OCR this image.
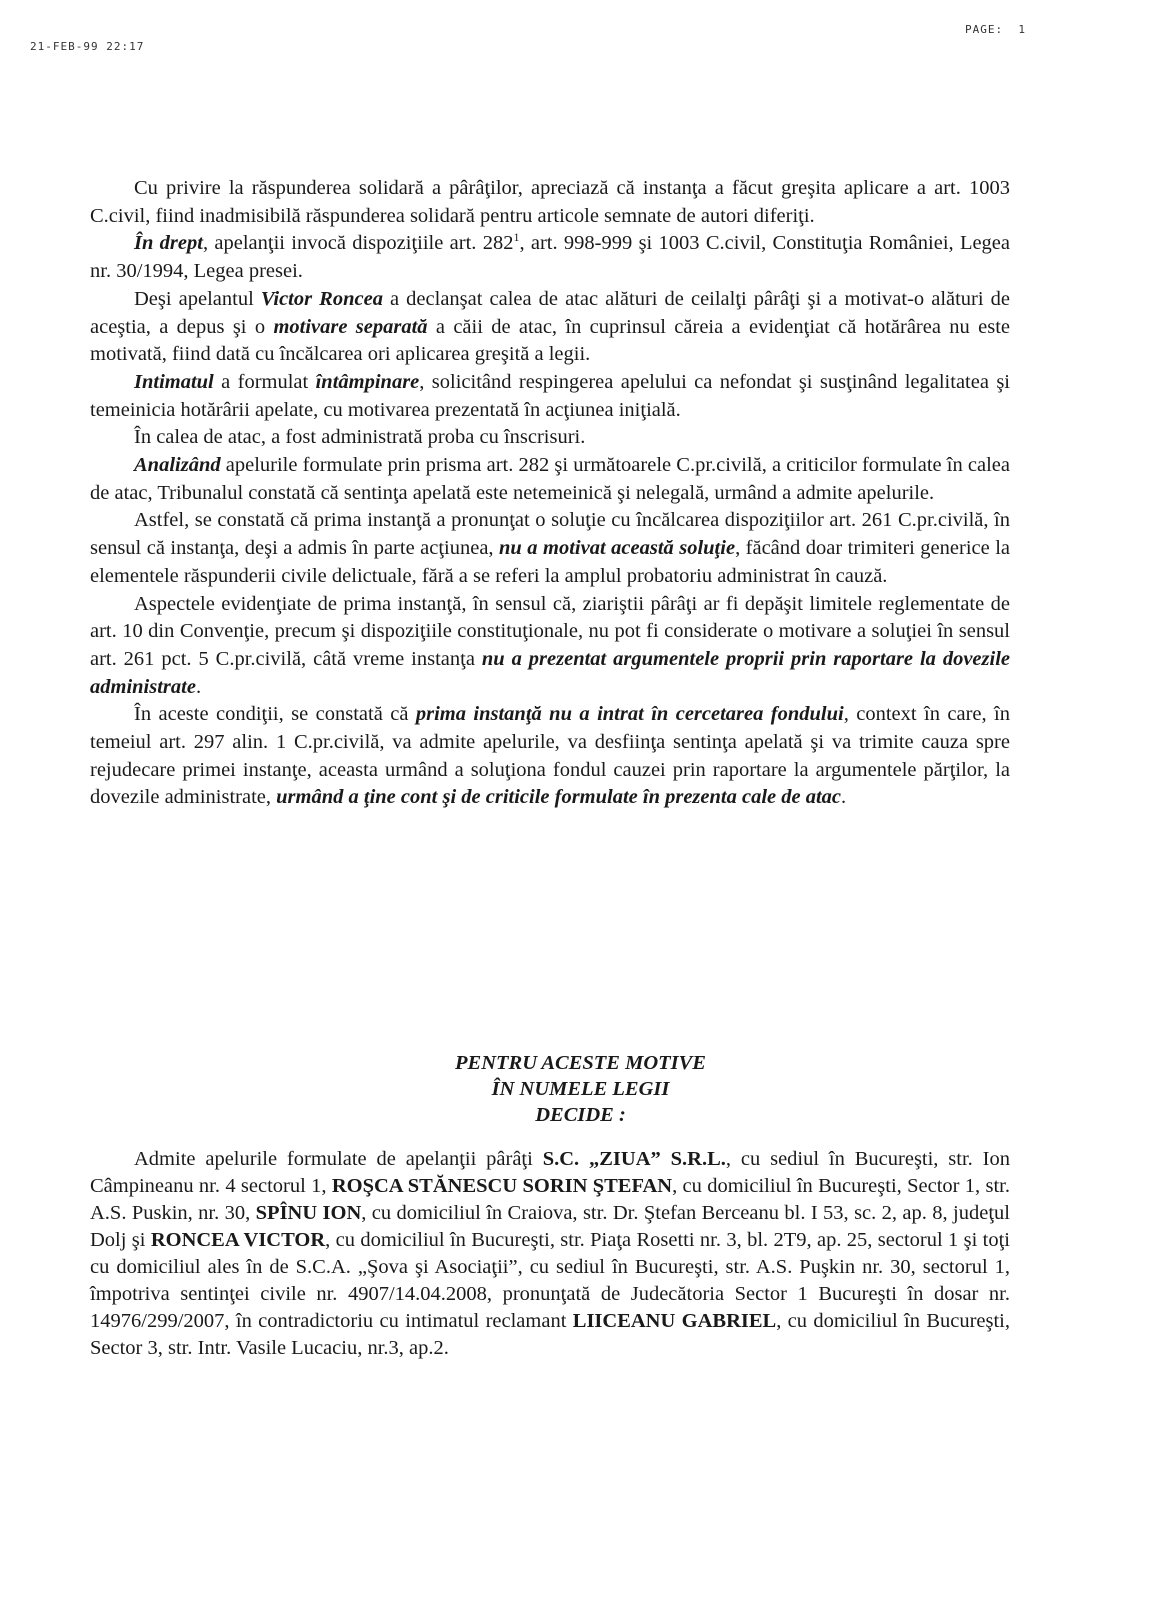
21-FEB-99 22:17
PAGE: 1

Cu privire la răspunderea solidară a pârâţilor, apreciază că instanţa a făcut greşita aplicare a art. 1003 C.civil, fiind inadmisibilă răspunderea solidară pentru articole semnate de autori diferiţi.

În drept, apelanţii invocă dispoziţiile art. $282^1$, art. 998-999 şi 1003 C.civil, Constituţia României, Legea nr. 30/1994, Legea presei.

Deşi apelantul Victor Roncea a declanşat calea de atac alături de ceilalţi pârâţi şi a motivat-o alături de aceştia, a depus şi o motivare separată a căii de atac, în cuprinsul căreia a evidenţiat că hotărârea nu este motivată, fiind dată cu încălcarea ori aplicarea greşită a legii.

Intimatul a formulat întâmpinare, solicitând respingerea apelului ca nefondat şi susţinând legalitatea şi temeinicia hotărârii apelate, cu motivarea prezentată în acţiunea iniţială.

În calea de atac, a fost administrată proba cu înscrisuri.

Analizând apelurile formulate prin prisma art. 282 şi următoarele C.pr.civilă, a criticilor formulate în calea de atac, Tribunalul constată că sentinţa apelată este netemeinică şi nelegală, urmând a admite apelurile.

Astfel, se constată că prima instanţă a pronunţat o soluţie cu încălcarea dispoziţiilor art. 261 C.pr.civilă, în sensul că instanţa, deşi a admis în parte acţiunea, nu a motivat această soluţie, făcând doar trimiteri generice la elementele răspunderii civile delictuale, fără a se referi la amplul probatoriu administrat în cauză.

Aspectele evidenţiate de prima instanţă, în sensul că, ziariştii pârâţi ar fi depăşit limitele reglementate de art. 10 din Convenţie, precum şi dispoziţiile constituţionale, nu pot fi considerate o motivare a soluţiei în sensul art. 261 pct. 5 C.pr.civilă, câtă vreme instanţa nu a prezentat argumentele proprii prin raportare la dovezile administrate.

În aceste condiţii, se constată că prima instanţă nu a intrat în cercetarea fondului, context în care, în temeiul art. 297 alin. 1 C.pr.civilă, va admite apelurile, va desfiinţa sentinţa apelată şi va trimite cauza spre rejudecare primei instanţe, aceasta urmând a soluţiona fondul cauzei prin raportare la argumentele părţilor, la dovezile administrate, urmând a ţine cont şi de criticile formulate în prezenta cale de atac.

PENTRU ACESTE MOTIVE
ÎN NUMELE LEGII
DECIDE :

Admite apelurile formulate de apelanţii pârâţi S.C. „ZIUA” S.R.L., cu sediul în Bucureşti, str. Ion Câmpineanu nr. 4 sectorul 1, ROŞCA STĂNESCU SORIN ŞTEFAN, cu domiciliul în Bucureşti, Sector 1, str. A.S. Puskin, nr. 30, SPÎNU ION, cu domiciliul în Craiova, str. Dr. Ştefan Berceanu bl. I 53, sc. 2, ap. 8, judeţul Dolj şi RONCEA VICTOR, cu domiciliul în Bucureşti, str. Piaţa Rosetti nr. 3, bl. 2T9, ap. 25, sectorul 1 şi toţi cu domiciliul ales în de S.C.A. „Şova şi Asociaţii”, cu sediul în Bucureşti, str. A.S. Puşkin nr. 30, sectorul 1, împotriva sentinţei civile nr. 4907/14.04.2008, pronunţată de Judecătoria Sector 1 Bucureşti în dosar nr. 14976/299/2007, în contradictoriu cu intimatul reclamant LIICEANU GABRIEL, cu domiciliul în Bucureşti, Sector 3, str. Intr. Vasile Lucaciu, nr.3, ap.2.
